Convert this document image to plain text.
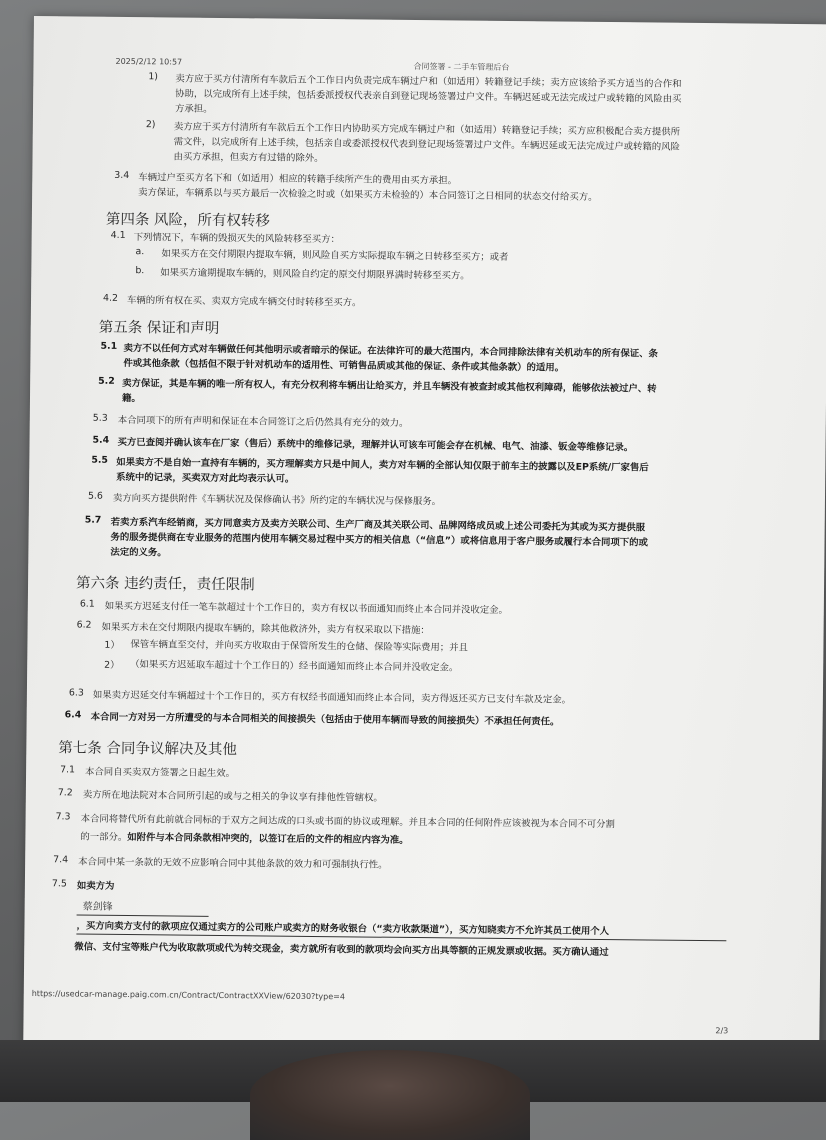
2025/2/12 10:57
合同签署 - 二手车管理后台
1) 卖方应于买方付清所有车款后五个工作日内负责完成车辆过户和（如适用）转籍登记手续；卖方应该给予买方适当的合作和
协助，以完成所有上述手续，包括委派授权代表亲自到登记现场签署过户文件。车辆迟延或无法完成过户或转籍的风险由买
方承担。
2) 卖方应于买方付清所有车款后五个工作日内协助买方完成车辆过户和（如适用）转籍登记手续；买方应积极配合卖方提供所
需文件，以完成所有上述手续，包括亲自或委派授权代表到登记现场签署过户文件。车辆迟延或无法完成过户或转籍的风险
由买方承担，但卖方有过错的除外。
3.4 车辆过户至买方名下和（如适用）相应的转籍手续所产生的费用由买方承担。
卖方保证，车辆系以与买方最后一次检验之时或（如果买方未检验的）本合同签订之日相同的状态交付给买方。
第四条 风险，所有权转移
4.1 下列情况下，车辆的毁损灭失的风险转移至买方：
a. 如果买方在交付期限内提取车辆，则风险自买方实际提取车辆之日转移至买方；或者
b. 如果买方逾期提取车辆的，则风险自约定的原交付期限界满时转移至买方。
4.2 车辆的所有权在买、卖双方完成车辆交付时转移至买方。
第五条 保证和声明
5.1 卖方不以任何方式对车辆做任何其他明示或者暗示的保证。在法律许可的最大范围内，本合同排除法律有关机动车的所有保证、条
件或其他条款（包括但不限于针对机动车的适用性、可销售品质或其他的保证、条件或其他条款）的适用。
5.2 卖方保证，其是车辆的唯一所有权人，有充分权利将车辆出让给买方，并且车辆没有被查封或其他权利障碍，能够依法被过户、转
籍。
5.3 本合同项下的所有声明和保证在本合同签订之后仍然具有充分的效力。
5.4 买方已查阅并确认该车在厂家（售后）系统中的维修记录，理解并认可该车可能会存在机械、电气、油漆、钣金等维修记录。
5.5 如果卖方不是自始一直持有车辆的，买方理解卖方只是中间人，卖方对车辆的全部认知仅限于前车主的披露以及EP系统/厂家售后
系统中的记录，买卖双方对此均表示认可。
5.6 卖方向买方提供附件《车辆状况及保修确认书》所约定的车辆状况与保修服务。
5.7 若卖方系汽车经销商，买方同意卖方及卖方关联公司、生产厂商及其关联公司、品牌网络成员或上述公司委托为其或为买方提供服
务的服务提供商在专业服务的范围内使用车辆交易过程中买方的相关信息（“信息”）或将信息用于客户服务或履行本合同项下的或
法定的义务。
第六条 违约责任，责任限制
6.1 如果买方迟延支付任一笔车款超过十个工作日的，卖方有权以书面通知而终止本合同并没收定金。
6.2 如果买方未在交付期限内提取车辆的，除其他救济外，卖方有权采取以下措施：
1） 保管车辆直至交付，并向买方收取由于保管所发生的仓储、保险等实际费用；并且
2） （如果买方迟延取车超过十个工作日的）经书面通知而终止本合同并没收定金。
6.3 如果卖方迟延交付车辆超过十个工作日的，买方有权经书面通知而终止本合同，卖方得返还买方已支付车款及定金。
6.4 本合同一方对另一方所遭受的与本合同相关的间接损失（包括由于使用车辆而导致的间接损失）不承担任何责任。
第七条 合同争议解决及其他
7.1 本合同自买卖双方签署之日起生效。
7.2 卖方所在地法院对本合同所引起的或与之相关的争议享有排他性管辖权。
7.3 本合同将替代所有此前就合同标的于双方之间达成的口头或书面的协议或理解。并且本合同的任何附件应该被视为本合同不可分割
的一部分。如附件与本合同条款相冲突的，以签订在后的文件的相应内容为准。
7.4 本合同中某一条款的无效不应影响合同中其他条款的效力和可强制执行性。
7.5 如卖方为
蔡剑锋
，买方向卖方支付的款项应仅通过卖方的公司账户或卖方的财务收银台（“卖方收款渠道”），买方知晓卖方不允许其员工使用个人
微信、支付宝等账户代为收取款项或代为转交现金，卖方就所有收到的款项均会向买方出具等额的正规发票或收据。买方确认通过
https://usedcar-manage.paig.com.cn/Contract/ContractXXView/62030?type=4
2/3
